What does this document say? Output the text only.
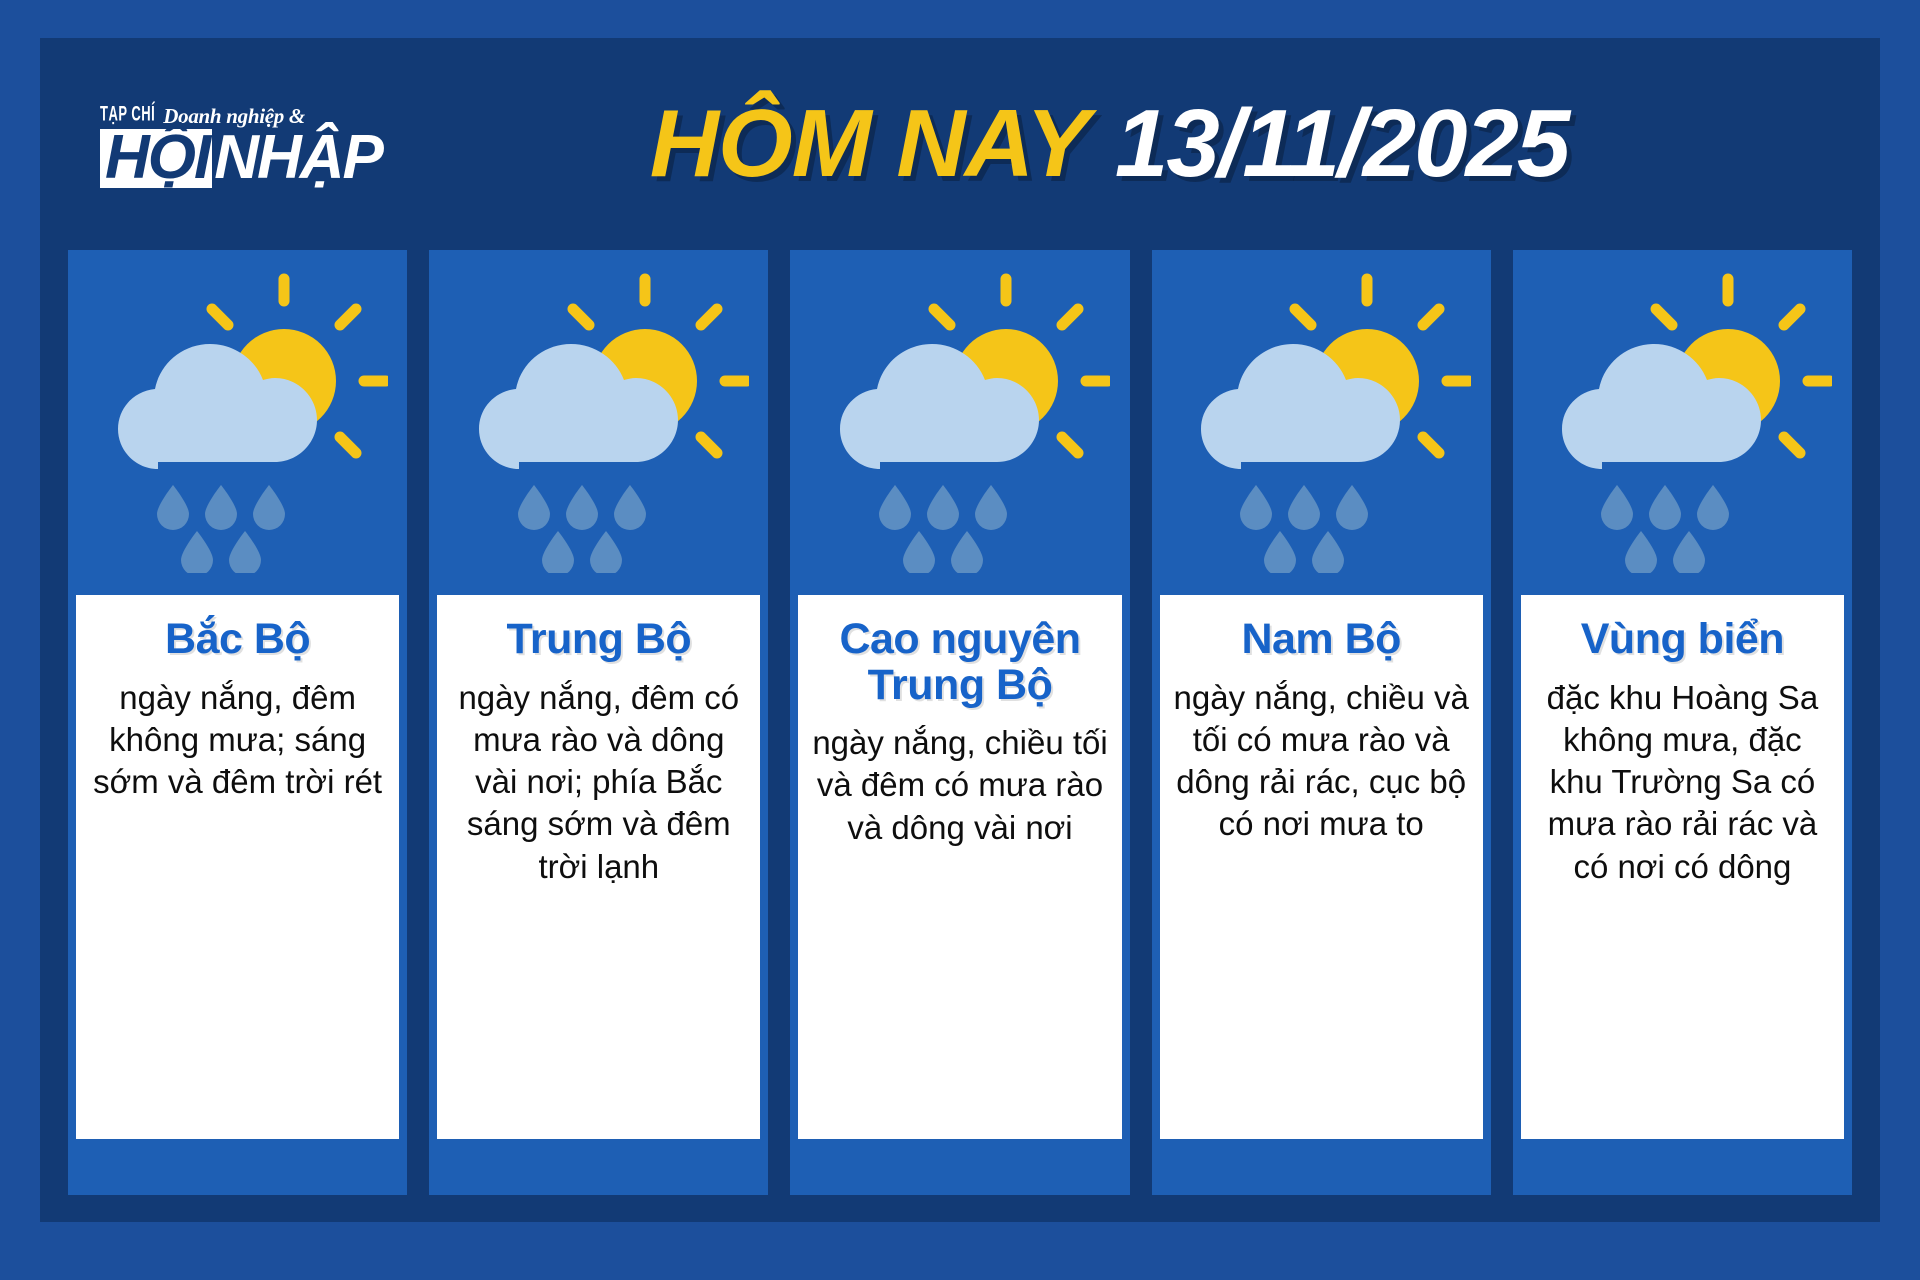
TẠP CHÍ Doanh nghiệp &
HỘI NHẬP	HÔM NAY 13/11/2025
Bắc Bộ
ngày nắng, đêm không mưa; sáng sớm và đêm trời rét
Trung Bộ
ngày nắng, đêm có mưa rào và dông vài nơi; phía Bắc sáng sớm và đêm trời lạnh
Cao nguyên Trung Bộ
ngày nắng, chiều tối và đêm có mưa rào và dông vài nơi
Nam Bộ
ngày nắng, chiều và tối có mưa rào và dông rải rác, cục bộ có nơi mưa to
Vùng biển
đặc khu Hoàng Sa không mưa, đặc khu Trường Sa có mưa rào rải rác và có nơi có dông
